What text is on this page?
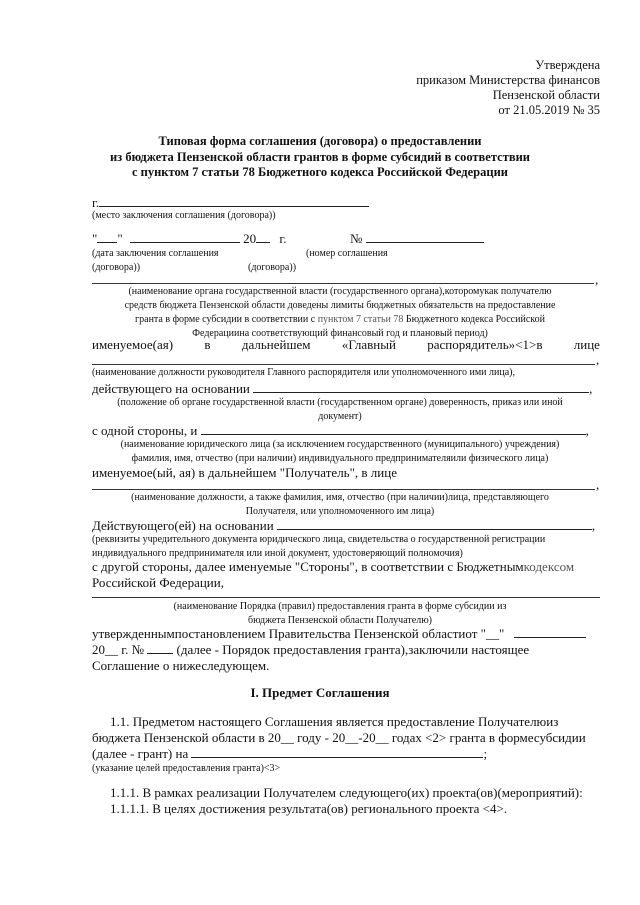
Утверждена
приказом Министерства финансов
Пензенской области
от 21.05.2019 № 35
Типовая форма соглашения (договора) о предоставлении
из бюджета Пензенской области грантов в форме субсидий в соответствии
с пунктом 7 статьи 78 Бюджетного кодекса Российской Федерации
г.
(место заключения соглашения (договора))
" "	20 г.	№
(дата заключения соглашения
(договора))
(номер соглашения
(договора))
,
(наименование органа государственной власти (государственного органа),которомукак получателю
средств бюджета Пензенской области доведены лимиты бюджетных обязательств на предоставление
гранта в форме субсидии в соответствии с пунктом 7 статьи 78 Бюджетного кодекса Российской
Федерациина соответствующий финансовый год и плановый период)
именуемое(ая) в дальнейшем «Главный распорядитель»<1>в лице
,
(наименование должности руководителя Главного распорядителя или уполномоченного ими лица),
действующего на основании	,
(положение об органе государственной власти (государственном органе) доверенность, приказ или иной
документ)
с одной стороны, и	,
(наименование юридического лица (за исключением государственного (муниципального) учреждения)
фамилия, имя, отчество (при наличии) индивидуального предпринимателяили физического лица)
именуемое(ый, ая) в дальнейшем "Получатель", в лице
,
(наименование должности, а также фамилия, имя, отчество (при наличии)лица, представляющего
Получателя, или уполномоченного им лица)
Действующего(ей) на основании	,
(реквизиты учредительного документа юридического лица, свидетельства о государственной регистрации
индивидуального предпринимателя или иной документ, удостоверяющий полномочия)
с другой стороны, далее именуемые "Стороны", в соответствии с Бюджетнымкодексом
Российской Федерации,
(наименование Порядка (правил) предоставления гранта в форме субсидии из
бюджета Пензенской области Получателю)
утвержденнымпостановлением Правительства Пензенской областиот "__"
20__ г. №	(далее - Порядок предоставления гранта),заключили настоящее
Соглашение о нижеследующем.
I. Предмет Соглашения
1.1. Предметом настоящего Соглашения является предоставление Получателюиз
бюджета Пензенской области в 20__ году - 20__-20__ годах <2> гранта в формесубсидии
(далее - грант) на	;
(указание целей предоставления гранта)<3>
1.1.1. В рамках реализации Получателем следующего(их) проекта(ов)(мероприятий):
1.1.1.1. В целях достижения результата(ов) регионального проекта <4>.
